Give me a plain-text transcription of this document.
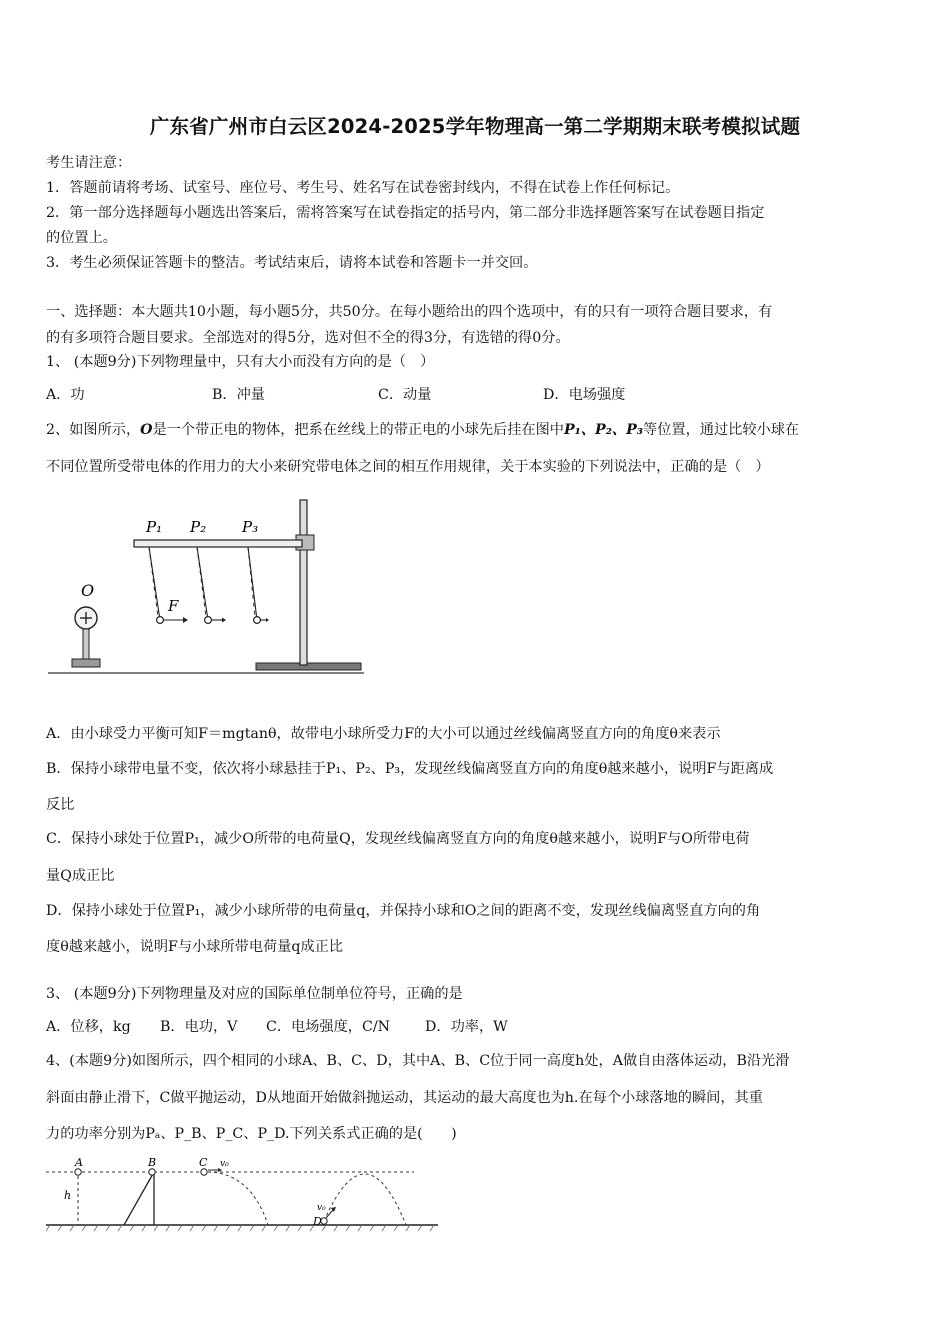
广东省广州市白云区2024-2025学年物理高一第二学期期末联考模拟试题
考生请注意：
1．答题前请将考场、试室号、座位号、考生号、姓名写在试卷密封线内，不得在试卷上作任何标记。
2．第一部分选择题每小题选出答案后，需将答案写在试卷指定的括号内，第二部分非选择题答案写在试卷题目指定
的位置上。
3．考生必须保证答题卡的整洁。考试结束后，请将本试卷和答题卡一并交回。
一、选择题：本大题共10小题，每小题5分，共50分。在每小题给出的四个选项中，有的只有一项符合题目要求，有
的有多项符合题目要求。全部选对的得5分，选对但不全的得3分，有选错的得0分。
1、 (本题9分)下列物理量中，只有大小而没有方向的是（　）
A．功	B．冲量	C．动量	D．电场强度
2、如图所示，O是一个带正电的物体，把系在丝线上的带正电的小球先后挂在图中P₁、P₂、P₃等位置，通过比较小球在
不同位置所受带电体的作用力的大小来研究带电体之间的相互作用规律，关于本实验的下列说法中，正确的是（　）
P₁ P₂ P₃
F
O
A．由小球受力平衡可知F＝mgtanθ，故带电小球所受力F的大小可以通过丝线偏离竖直方向的角度θ来表示
B．保持小球带电量不变，依次将小球悬挂于P₁、P₂、P₃，发现丝线偏离竖直方向的角度θ越来越小，说明F与距离成
反比
C．保持小球处于位置P₁，减少O所带的电荷量Q，发现丝线偏离竖直方向的角度θ越来越小，说明F与O所带电荷
量Q成正比
D．保持小球处于位置P₁，减少小球所带的电荷量q，并保持小球和O之间的距离不变，发现丝线偏离竖直方向的角
度θ越来越小，说明F与小球所带电荷量q成正比
3、 (本题9分)下列物理量及对应的国际单位制单位符号，正确的是
A．位移，kg B．电功，V C．电场强度，C/N D．功率，W
4、(本题9分)如图所示，四个相同的小球A、B、C、D，其中A、B、C位于同一高度h处，A做自由落体运动，B沿光滑
斜面由静止滑下，C做平抛运动，D从地面开始做斜抛运动，其运动的最大高度也为h.在每个小球落地的瞬间，其重
力的功率分别为Pₐ、P_B、P_C、P_D.下列关系式正确的是(　　)
A
h
B	C v₀
D
v₀
